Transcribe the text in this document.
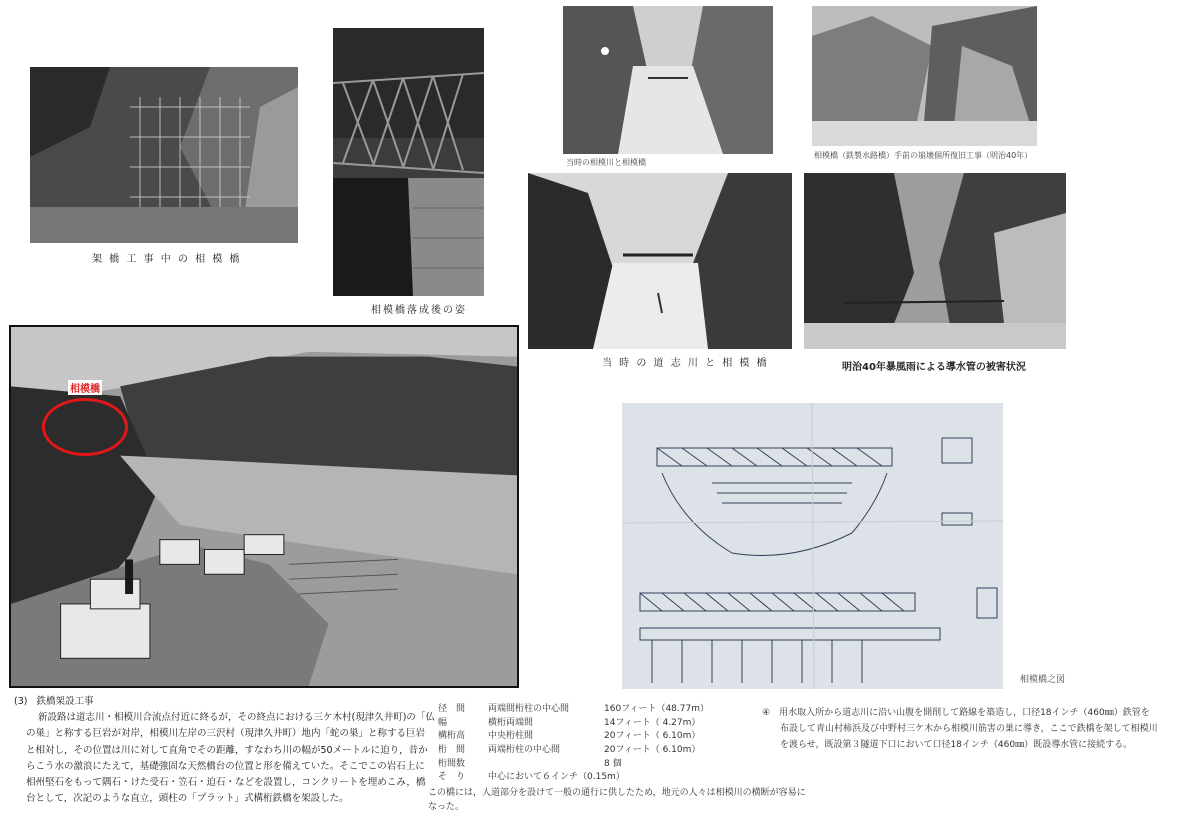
架 橋 工 事 中 の 相 模 橋
相模橋落成後の姿
当時の相模川と相模橋
相模橋（鉄製水路橋）手前の崩壊個所復旧工事（明治40年）
当 時 の 道 志 川 と 相 模 橋	明治40年暴風雨による導水管の被害状況
相模橋
相模橋之図
(3) 鉄橋架設工事
新設路は道志川・相模川合流点付近に終るが，その終点における三ケ木村(現津久井町)の「仏
の巣」と称する巨岩が対岸，相模川左岸の三沢村（現津久井町）地内「蛇の巣」と称する巨岩
と相対し，その位置は川に対して直角でその距離，すなわち川の幅が50メートルに迫り，昔か
らこう水の激浪にたえて，基礎強固な天然橋台の位置と形を備えていた。そこでこの岩石上に
相州堅石をもって隅石・けた受石・笠石・迫石・などを設置し，コンクリートを埋めこみ，橋
台として，次記のような直立，頭柱の「プラット」式構桁鉄橋を架設した。
径　間	両端間桁柱の中心間	160フィート（48.77m）
幅	横桁両端間	14フィート（ 4.27m）
構桁高	中央桁柱間	20フィート（ 6.10m）
桁　間	両端桁柱の中心間	20フィート（ 6.10m）
桁間数		8 個
そ　り	中心において６インチ（0.15m）	
この橋には，人道部分を設けて一般の通行に供したため，地元の人々は相模川の横断が容易に
なった。
④　用水取入所から道志川に沿い山腹を開削して路線を築造し，口径18インチ（460㎜）鉄管を
布設して青山村柿浜及び中野村三ケ木から相模川筋害の巣に導き，ここで鉄橋を架して相模川
を渡らせ，既設第３隧道下口において口径18インチ（460㎜）既設導水管に接続する。
